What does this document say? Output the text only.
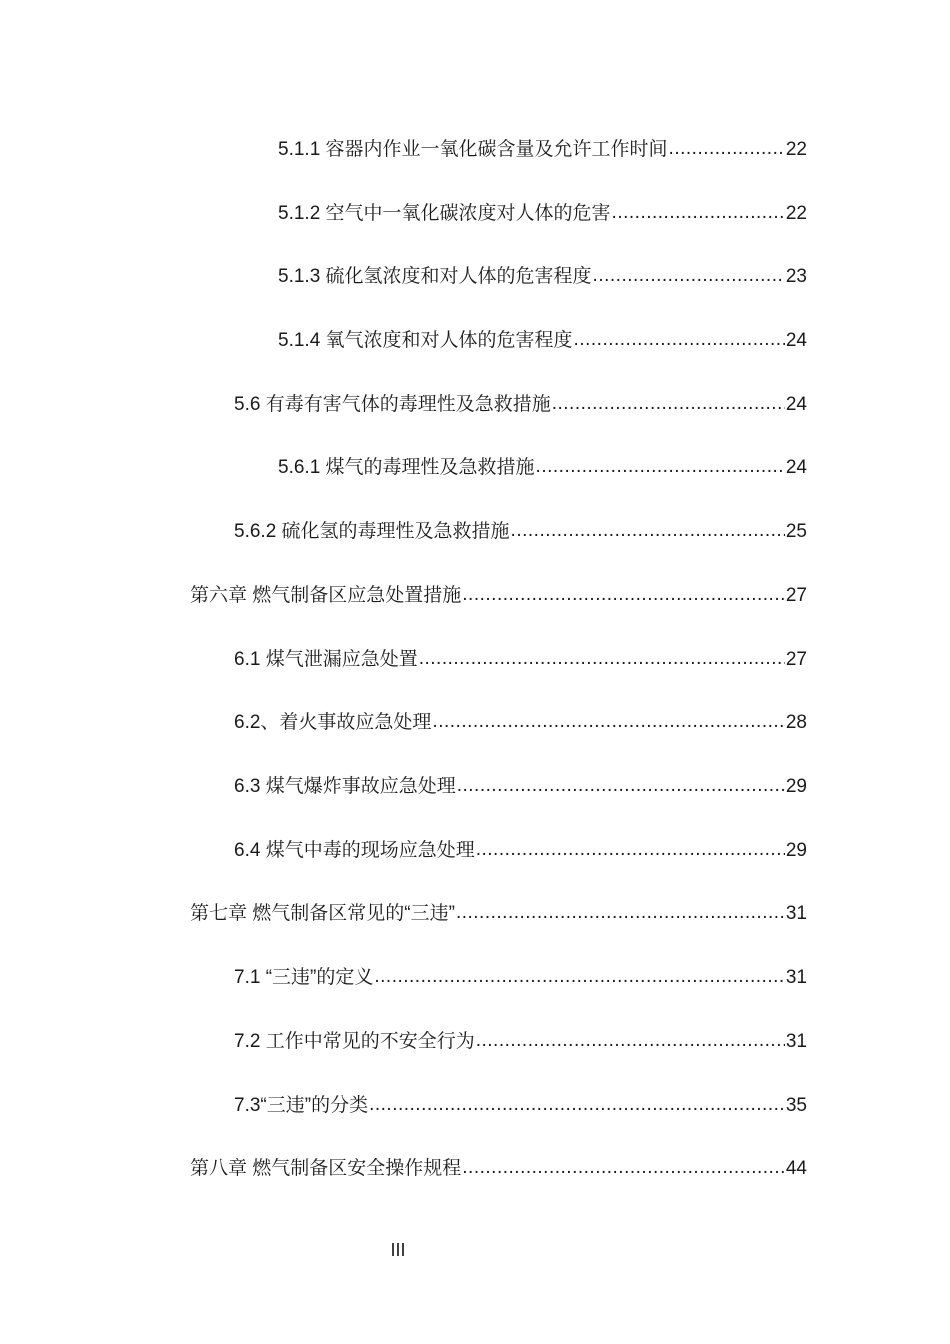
5.1.1 容器内作业一氧化碳含量及允许工作时间 .....	22
5.1.2 空气中一氧化碳浓度对人体的危害 .....	22
5.1.3 硫化氢浓度和对人体的危害程度 .....	23
5.1.4 氧气浓度和对人体的危害程度 .....	24
5.6 有毒有害气体的毒理性及急救措施 .....	24
5.6.1 煤气的毒理性及急救措施 .....	24
5.6.2 硫化氢的毒理性及急救措施 .....	25
第六章 燃气制备区应急处置措施 .....	27
6.1 煤气泄漏应急处置 .....	27
6.2、着火事故应急处理 .....	28
6.3 煤气爆炸事故应急处理 .....	29
6.4 煤气中毒的现场应急处理 .....	29
第七章 燃气制备区常见的“三违” .....	31
7.1 “三违”的定义 .....	31
7.2 工作中常见的不安全行为 .....	31
7.3“三违”的分类 .....	35
第八章 燃气制备区安全操作规程 .....	44
III
